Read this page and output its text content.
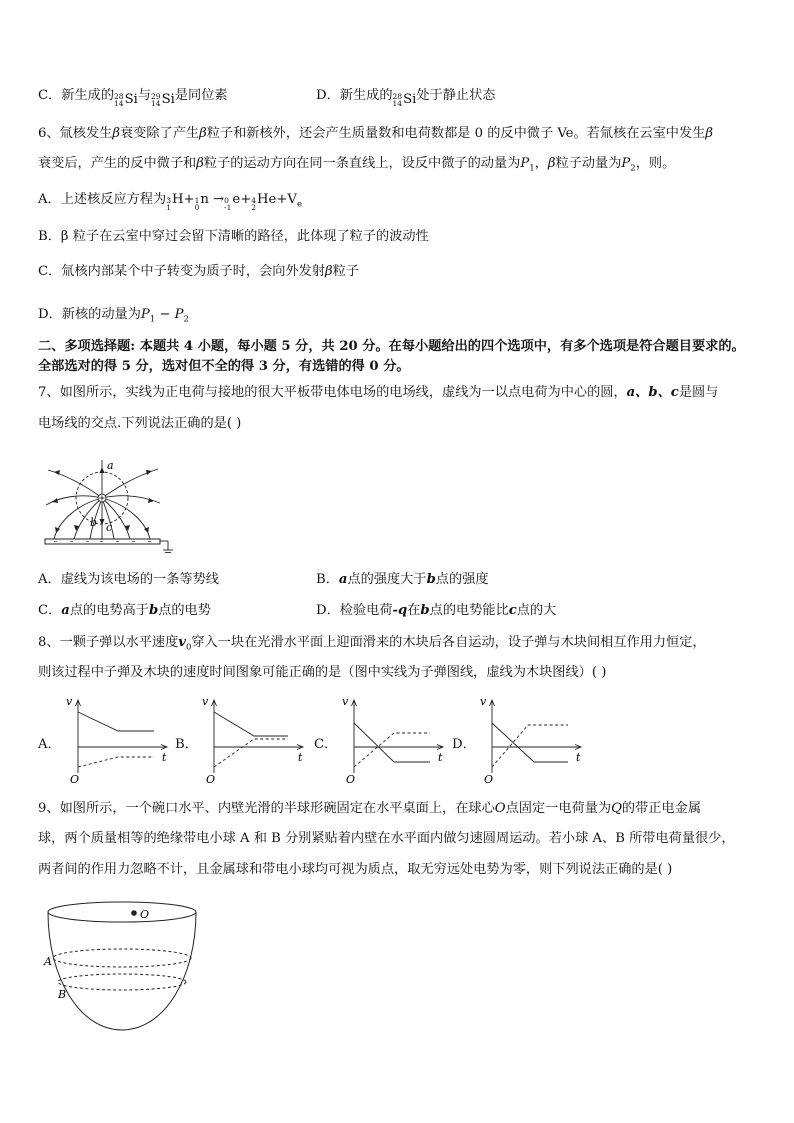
C．新生成的 28
14 Si 与 29
14 Si 是同位素	D．新生成的 28
14 Si 处于静止状态
6、氚核发生β衰变除了产生β粒子和新核外，还会产生质量数和电荷数都是 0 的反中微子 Ve。若氚核在云室中发生β
衰变后，产生的反中微子和β粒子的运动方向在同一条直线上，设反中微子的动量为$P_1$，β粒子动量为$P_2$，则。
A．上述核反应方程为 3
1
H+ 1
0
n → 0
-1
e+ 4
2
$He+V_e$
B．β 粒子在云室中穿过会留下清晰的路径，此体现了粒子的波动性
C．氚核内部某个中子转变为质子时，会向外发射β粒子
D．新核的动量为$P_1 - P_2$
二、多项选择题: 本题共 4 小题，每小题 5 分，共 20 分。在每小题给出的四个选项中，有多个选项是符合题目要求的。
全部选对的得 5 分，选对但不全的得 3 分，有选错的得 0 分。
7、如图所示，实线为正电荷与接地的很大平板带电体电场的电场线，虚线为一以点电荷为中心的圆，a、b、c是圆与
电场线的交点.下列说法正确的是( )
a
b c
A．虚线为该电场的一条等势线	B．a点的强度大于b点的强度
C．a点的电势高于b点的电势	D．检验电荷-q在b点的电势能比c点的大
8、一颗子弹以水平速度$v_0$穿入一块在光滑水平面上迎面滑来的木块后各自运动，设子弹与木块间相互作用力恒定，
则该过程中子弹及木块的速度时间图象可能正确的是（图中实线为子弹图线，虚线为木块图线）( )
A．
v
t
O
B．
v
t
O
C．
v
t
O
D．
v
t
O
9、如图所示，一个碗口水平、内壁光滑的半球形碗固定在水平桌面上，在球心O点固定一电荷量为Q的带正电金属
球，两个质量相等的绝缘带电小球 A 和 B 分别紧贴着内壁在水平面内做匀速圆周运动。若小球 A、B 所带电荷量很少，
两者间的作用力忽略不计，且金属球和带电小球均可视为质点，取无穷远处电势为零，则下列说法正确的是( )
O
A
B
